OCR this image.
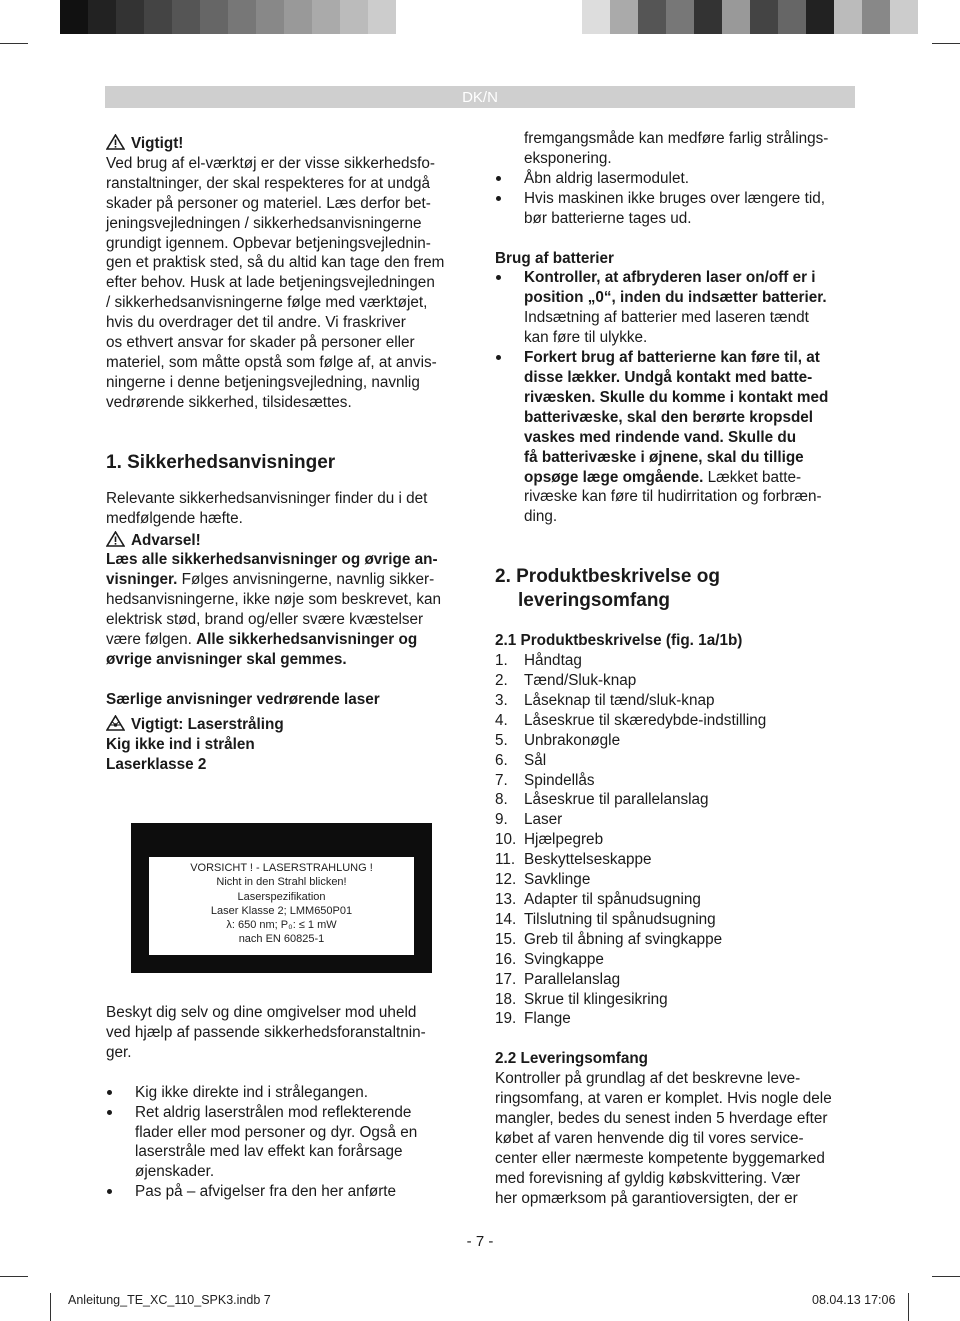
DK/N

Vigtigt!

Ved brug af el-værktøj er der visse sikkerhedsfo-

ranstaltninger, der skal respekteres for at undgå

skader på personer og materiel. Læs derfor bet-

jeningsvejledningen / sikkerhedsanvisningerne

grundigt igennem. Opbevar betjeningsvejlednin-

gen et praktisk sted, så du altid kan tage den frem

efter behov. Husk at lade betjeningsvejledningen

/ sikkerhedsanvisningerne følge med værktøjet,

hvis du overdrager det til andre. Vi fraskriver

os ethvert ansvar for skader på personer eller

materiel, som måtte opstå som følge af, at anvis-

ningerne i denne betjeningsvejledning, navnlig

vedrørende sikkerhed, tilsidesættes.

1. Sikkerhedsanvisninger

Relevante sikkerhedsanvisninger finder du i det

medfølgende hæfte.

Advarsel!

Læs alle sikkerhedsanvisninger og øvrige an-

visninger. Følges anvisningerne, navnlig sikker-

hedsanvisningerne, ikke nøje som beskrevet, kan

elektrisk stød, brand og/eller svære kvæstelser

være følgen. Alle sikkerhedsanvisninger og

øvrige anvisninger skal gemmes.

Særlige anvisninger vedrørende laser

Vigtigt: Laserstråling

Kig ikke ind i strålen

Laserklasse 2

VORSICHT ! - LASERSTRAHLUNG !
Nicht in den Strahl blicken!
Laserspezifikation
Laser Klasse 2; LMM650P01
λ: 650 nm; P₀: ≤ 1 mW
nach EN 60825-1

Beskyt dig selv og dine omgivelser mod uheld

ved hjælp af passende sikkerhedsforanstaltnin-

ger.

Kig ikke direkte ind i strålegangen.
Ret aldrig laserstrålen mod reflekterende
flader eller mod personer og dyr. Også en
laserstråle med lav effekt kan forårsage
øjenskader.
Pas på – afvigelser fra den her anførte

fremgangsmåde kan medføre farlig strålings-

eksponering.

Åbn aldrig lasermodulet.
Hvis maskinen ikke bruges over længere tid,
bør batterierne tages ud.

Brug af batterier

Kontroller, at afbryderen laser on/off er i
position „0“, inden du indsætter batterier.
Indsætning af batterier med laseren tændt
kan føre til ulykke.
Forkert brug af batterierne kan føre til, at
disse lækker. Undgå kontakt med batte-
rivæsken. Skulle du komme i kontakt med
batterivæske, skal den berørte kropsdel
vaskes med rindende vand. Skulle du
få batterivæske i øjnene, skal du tillige
opsøge læge omgående. Lækket batte-
rivæske kan føre til hudirritation og forbræn-
ding.

2. Produktbeskrivelse og

leveringsomfang

2.1 Produktbeskrivelse (fig. 1a/1b)

1.	Håndtag
2.	Tænd/Sluk-knap
3.	Låseknap til tænd/sluk-knap
4.	Låseskrue til skæredybde-indstilling
5.	Unbrakonøgle
6.	Sål
7.	Spindellås
8.	Låseskrue til parallelanslag
9.	Laser
10. Hjælpegreb
11. Beskyttelseskappe
12. Savklinge
13. Adapter til spånudsugning
14. Tilslutning til spånudsugning
15. Greb til åbning af svingkappe
16. Svingkappe
17. Parallelanslag
18. Skrue til klingesikring
19. Flange

2.2 Leveringsomfang

Kontroller på grundlag af det beskrevne leve-

ringsomfang, at varen er komplet. Hvis nogle dele

mangler, bedes du senest inden 5 hverdage efter

købet af varen henvende dig til vores service-

center eller nærmeste kompetente byggemarked

med forevisning af gyldig købskvittering. Vær

her opmærksom på garantioversigten, der er

- 7 -
Anleitung_TE_XC_110_SPK3.indb 7	08.04.13 17:06
